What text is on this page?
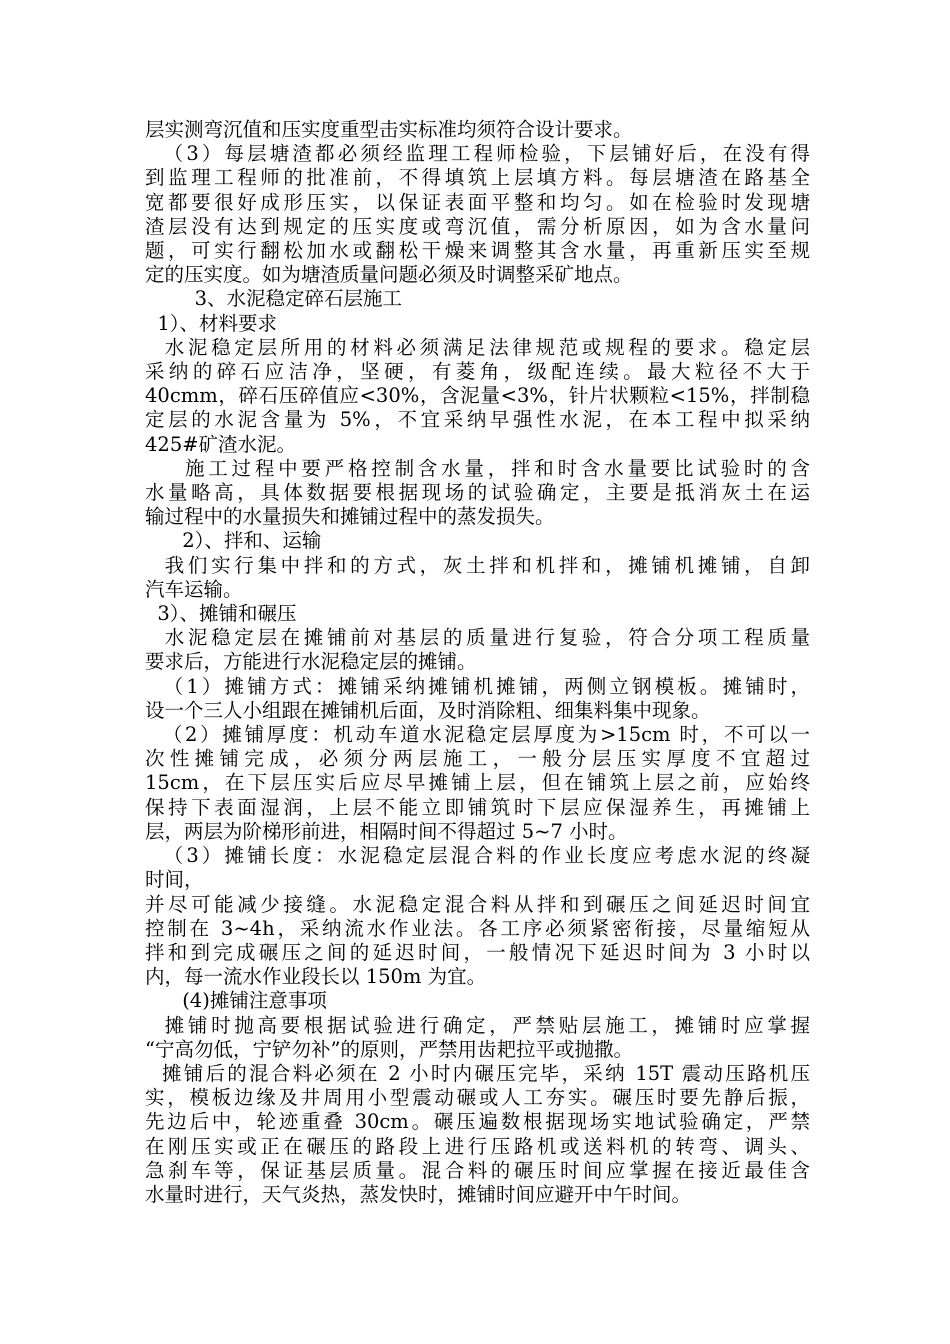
层实测弯沉值和压实度重型击实标准均须符合设计要求。
（3）每层塘渣都必须经监理工程师检验，下层铺好后，在没有得
到监理工程师的批准前，不得填筑上层填方料。每层塘渣在路基全
宽都要很好成形压实，以保证表面平整和均匀。如在检验时发现塘
渣层没有达到规定的压实度或弯沉值，需分析原因，如为含水量问
题，可实行翻松加水或翻松干燥来调整其含水量，再重新压实至规
定的压实度。如为塘渣质量问题必须及时调整采矿地点。
3、水泥稳定碎石层施工
1）、材料要求
水泥稳定层所用的材料必须满足法律规范或规程的要求。稳定层
采纳的碎石应洁净，坚硬，有菱角，级配连续。最大粒径不大于
40cmm，碎石压碎值应<30%，含泥量<3%，针片状颗粒<15%，拌制稳
定层的水泥含量为 5%，不宜采纳早强性水泥，在本工程中拟采纳
425#矿渣水泥。
施工过程中要严格控制含水量，拌和时含水量要比试验时的含
水量略高，具体数据要根据现场的试验确定，主要是抵消灰土在运
输过程中的水量损失和摊铺过程中的蒸发损失。
2）、拌和、运输
我们实行集中拌和的方式，灰土拌和机拌和，摊铺机摊铺，自卸
汽车运输。
3）、摊铺和碾压
水泥稳定层在摊铺前对基层的质量进行复验，符合分项工程质量
要求后，方能进行水泥稳定层的摊铺。
（1）摊铺方式：摊铺采纳摊铺机摊铺，两侧立钢模板。摊铺时，
设一个三人小组跟在摊铺机后面，及时消除粗、细集料集中现象。
（2）摊铺厚度：机动车道水泥稳定层厚度为>15cm 时，不可以一
次性摊铺完成，必须分两层施工，一般分层压实厚度不宜超过
15cm，在下层压实后应尽早摊铺上层，但在铺筑上层之前，应始终
保持下表面湿润，上层不能立即铺筑时下层应保湿养生，再摊铺上
层，两层为阶梯形前进，相隔时间不得超过 5~7 小时。
（3）摊铺长度：水泥稳定层混合料的作业长度应考虑水泥的终凝
时间，
并尽可能减少接缝。水泥稳定混合料从拌和到碾压之间延迟时间宜
控制在 3~4h，采纳流水作业法。各工序必须紧密衔接，尽量缩短从
拌和到完成碾压之间的延迟时间，一般情况下延迟时间为 3 小时以
内，每一流水作业段长以 150m 为宜。
(4)摊铺注意事项
摊铺时抛高要根据试验进行确定，严禁贴层施工，摊铺时应掌握
“宁高勿低，宁铲勿补”的原则，严禁用齿耙拉平或抛撒。
摊铺后的混合料必须在 2 小时内碾压完毕，采纳 15T 震动压路机压
实，模板边缘及井周用小型震动碾或人工夯实。碾压时要先静后振，
先边后中，轮迹重叠 30cm。碾压遍数根据现场实地试验确定，严禁
在刚压实或正在碾压的路段上进行压路机或送料机的转弯、调头、
急刹车等，保证基层质量。混合料的碾压时间应掌握在接近最佳含
水量时进行，天气炎热，蒸发快时，摊铺时间应避开中午时间。
